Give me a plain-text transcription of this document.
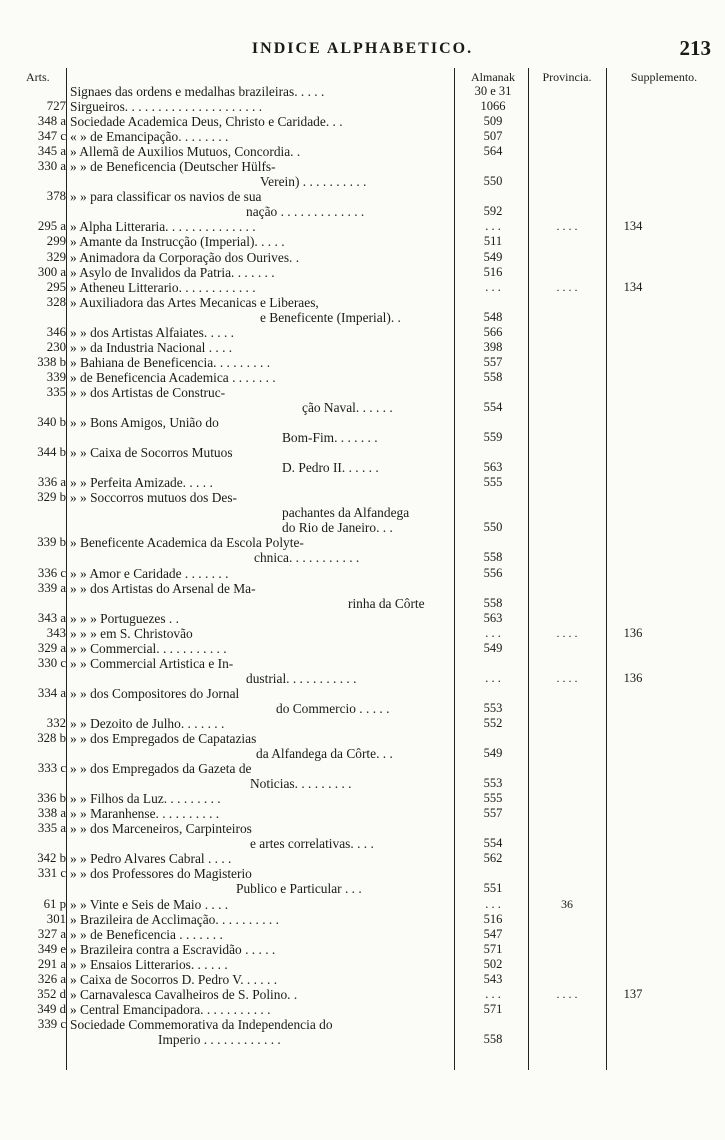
INDICE ALPHABETICO.	213
Arts.	Almanak	Provincia.	Supplemento.
Signaes das ordens e medalhas brazileiras. . . . .	30 e 31
727 Sirgueiros. . . . . . . . . . . . . . . . . . . . .	1066
348 a Sociedade Academica Deus, Christo e Caridade. . .	509
347 c « » de Emancipação. . . . . . . .	507
345 a » Allemã de Auxilios Mutuos, Concordia. .	564
330 a » » de Beneficencia (Deutscher Hülfs-
Verein) . . . . . . . . . .	550
378 » » para classificar os navios de sua
nação . . . . . . . . . . . . .	592
295 a » Alpha Litteraria. . . . . . . . . . . . . .	. . .	. . . .	134
299 » Amante da Instrucção (Imperial). . . . .	511
329 » Animadora da Corporação dos Ourives. .	549
300 a » Asylo de Invalidos da Patria. . . . . . .	516
295 » Atheneu Litterario. . . . . . . . . . . .	. . .	. . . .	134
328 » Auxiliadora das Artes Mecanicas e Liberaes,
e Beneficente (Imperial). .	548
346 » » dos Artistas Alfaiates. . . . .	566
230 » » da Industria Nacional . . . .	398
338 b » Bahiana de Beneficencia. . . . . . . . .	557
339 » de Beneficencia Academica . . . . . . .	558
335 » » dos Artistas de Construc-
ção Naval. . . . . .	554
340 b » » Bons Amigos, União do
Bom-Fim. . . . . . .	559
344 b » » Caixa de Socorros Mutuos
D. Pedro II. . . . . .	563
336 a » » Perfeita Amizade. . . . .	555
329 b » » Soccorros mutuos dos Des-
pachantes da Alfandega
do Rio de Janeiro. . .	550
339 b » Beneficente Academica da Escola Polyte-
chnica. . . . . . . . . . .	558
336 c » » Amor e Caridade . . . . . . .	556
339 a » » dos Artistas do Arsenal de Ma-
rinha da Côrte	558
343 a » » » Portuguezes . .	563
343 » » » em S. Christovão	. . .	. . . .	136
329 a » » Commercial. . . . . . . . . . .	549
330 c » » Commercial Artistica e In-
dustrial. . . . . . . . . . .	. . .	. . . .	136
334 a » » dos Compositores do Jornal
do Commercio . . . . .	553
332 » » Dezoito de Julho. . . . . . .	552
328 b » » dos Empregados de Capatazias
da Alfandega da Côrte. . .	549
333 c » » dos Empregados da Gazeta de
Noticias. . . . . . . . .	553
336 b » » Filhos da Luz. . . . . . . . .	555
338 a » » Maranhense. . . . . . . . . .	557
335 a » » dos Marceneiros, Carpinteiros
e artes correlativas. . . .	554
342 b » » Pedro Alvares Cabral . . . .	562
331 c » » dos Professores do Magisterio
Publico e Particular . . .	551
61 p » » Vinte e Seis de Maio . . . .	. . .	36
301 » Brazileira de Acclimação. . . . . . . . . .	516
327 a » » de Beneficencia . . . . . . .	547
349 e » Brazileira contra a Escravidão . . . . .	571
291 a » » Ensaios Litterarios. . . . . .	502
326 a » Caixa de Socorros D. Pedro V. . . . . .	543
352 d » Carnavalesca Cavalheiros de S. Polino. .	. . .	. . . .	137
349 d » Central Emancipadora. . . . . . . . . . .	571
339 c Sociedade Commemorativa da Independencia do
Imperio . . . . . . . . . . . .	558
